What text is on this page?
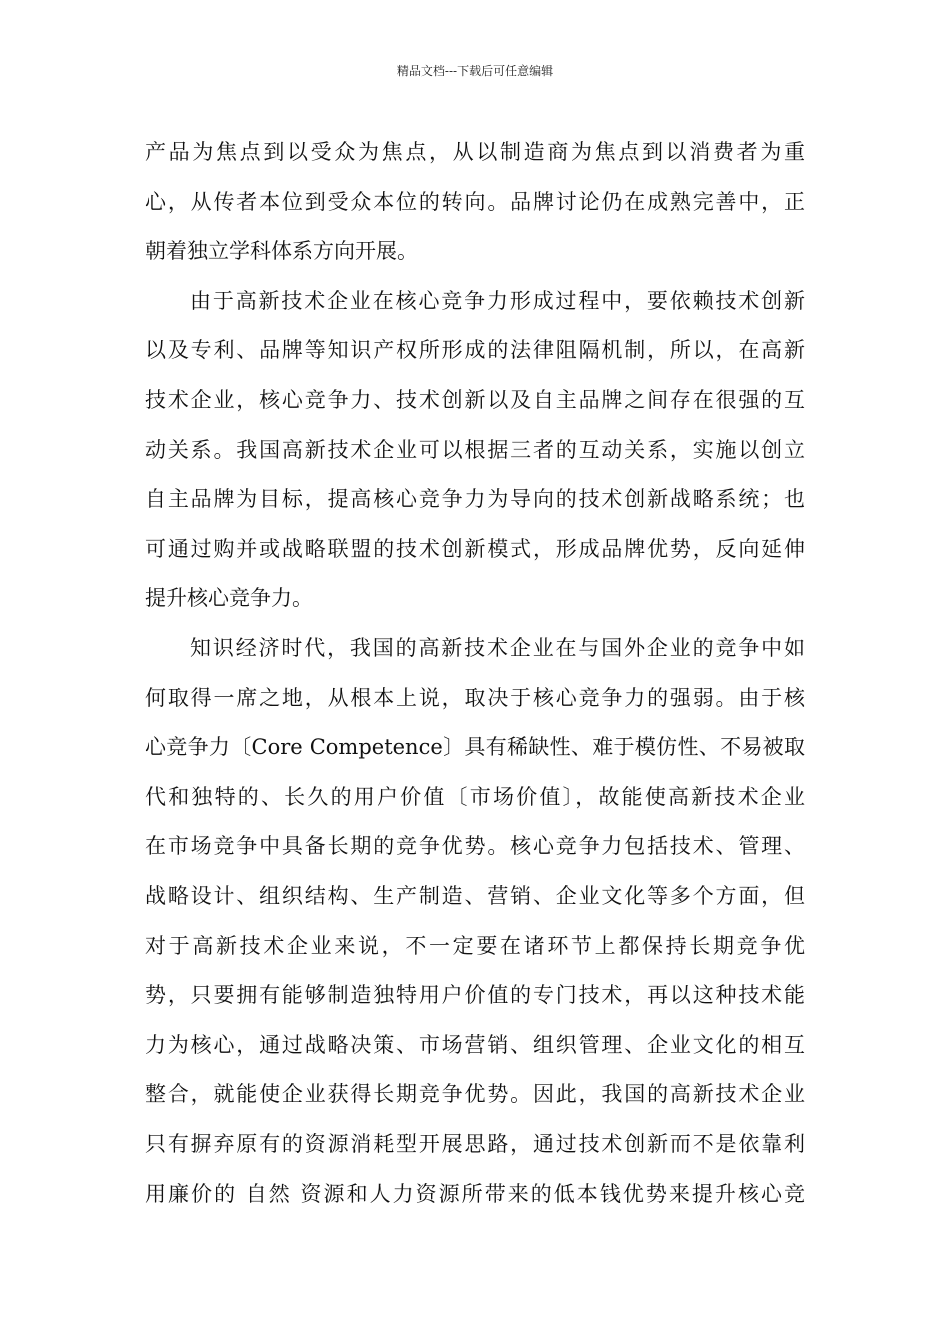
精品文档---下载后可任意编辑
产品为焦点到以受众为焦点，从以制造商为焦点到以消费者为重
心，从传者本位到受众本位的转向。品牌讨论仍在成熟完善中，正
朝着独立学科体系方向开展。
由于高新技术企业在核心竞争力形成过程中，要依赖技术创新
以及专利、品牌等知识产权所形成的法律阻隔机制，所以，在高新
技术企业，核心竞争力、技术创新以及自主品牌之间存在很强的互
动关系。我国高新技术企业可以根据三者的互动关系，实施以创立
自主品牌为目标，提高核心竞争力为导向的技术创新战略系统；也
可通过购并或战略联盟的技术创新模式，形成品牌优势，反向延伸
提升核心竞争力。
知识经济时代，我国的高新技术企业在与国外企业的竞争中如
何取得一席之地，从根本上说，取决于核心竞争力的强弱。由于核
心竞争力〔Core Competence〕具有稀缺性、难于模仿性、不易被取
代和独特的、长久的用户价值〔市场价值〕，故能使高新技术企业
在市场竞争中具备长期的竞争优势。核心竞争力包括技术、管理、
战略设计、组织结构、生产制造、营销、企业文化等多个方面，但
对于高新技术企业来说，不一定要在诸环节上都保持长期竞争优
势，只要拥有能够制造独特用户价值的专门技术，再以这种技术能
力为核心，通过战略决策、市场营销、组织管理、企业文化的相互
整合，就能使企业获得长期竞争优势。因此，我国的高新技术企业
只有摒弃原有的资源消耗型开展思路，通过技术创新而不是依靠利
用廉价的 自然 资源和人力资源所带来的低本钱优势来提升核心竞
